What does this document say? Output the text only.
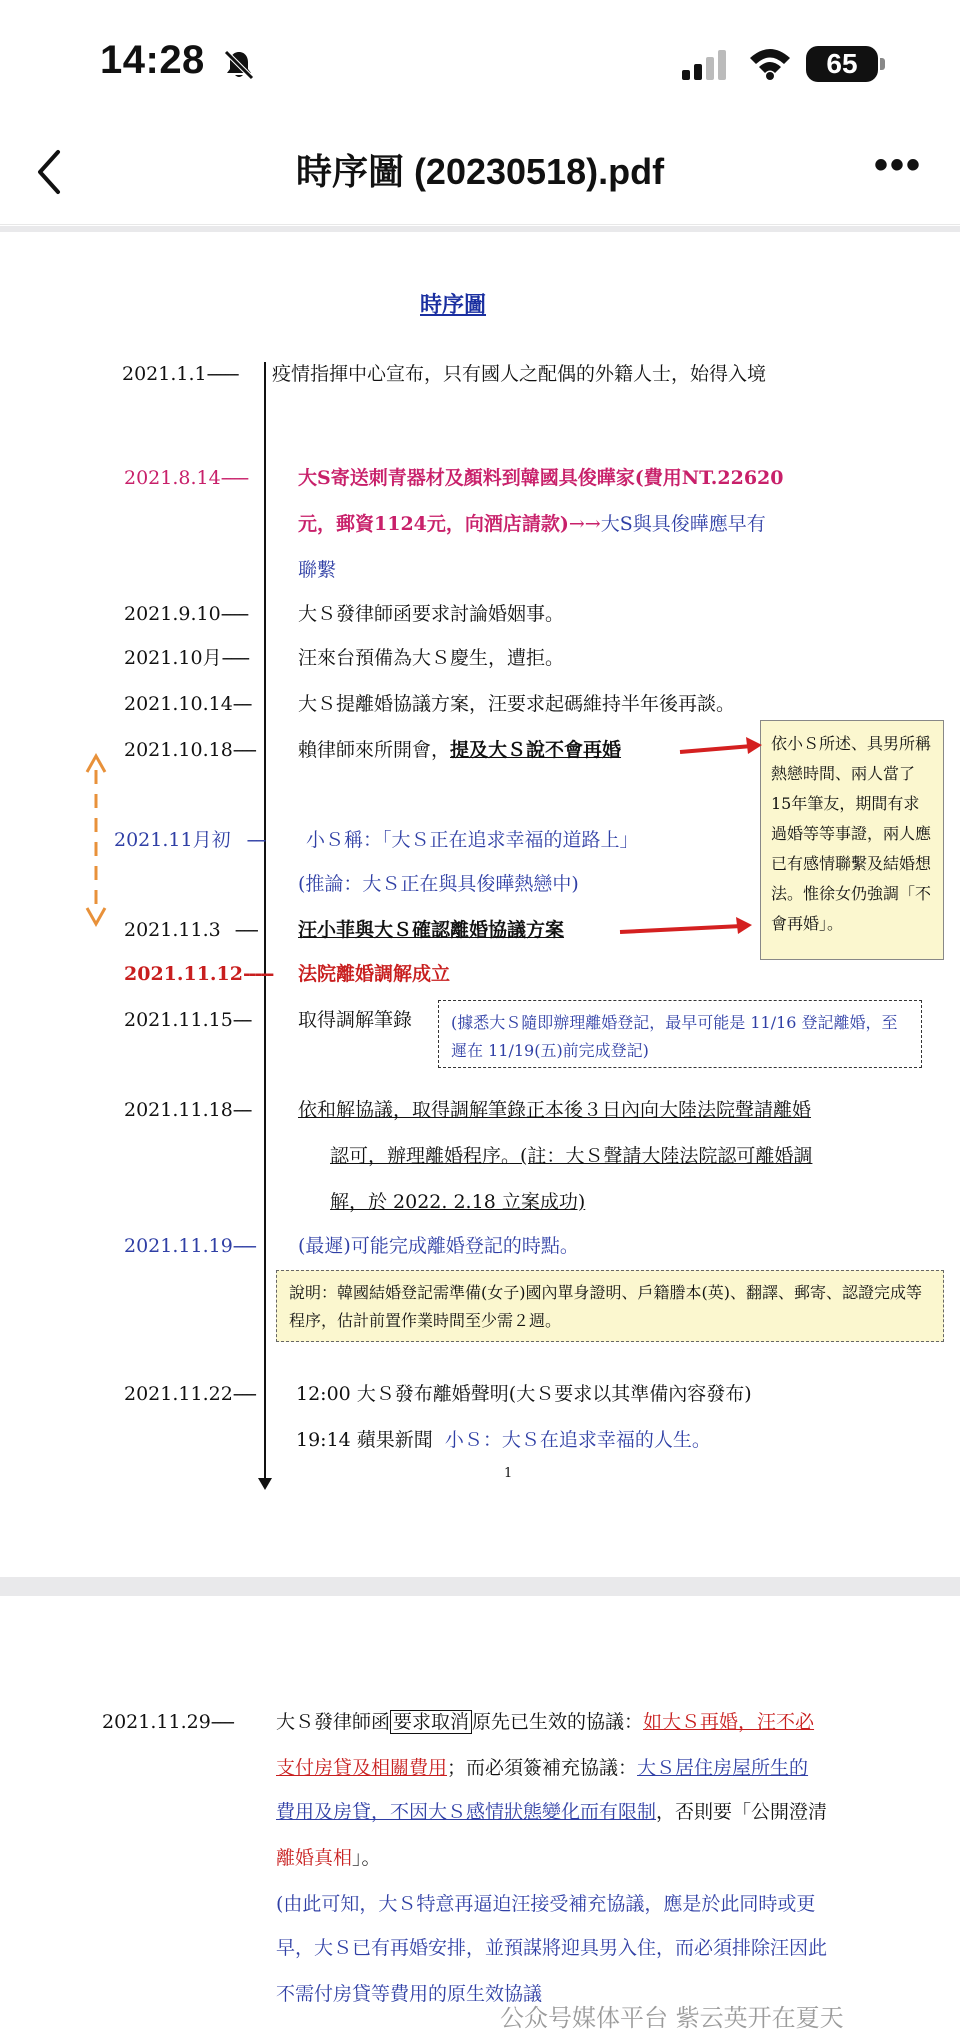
14:28	65
時序圖 (20230518).pdf	•••
時序圖
2021.1.1------- 疫情指揮中心宣布，只有國人之配偶的外籍人士，始得入境
2021.8.14------	大S寄送刺青器材及顏料到韓國具俊曄家(費用NT.22620
元，郵資1124元，向酒店請款)→→大S與具俊曄應早有
聯繫
2021.9.10------	大Ｓ發律師函要求討論婚姻事。
2021.10月------	汪來台預備為大Ｓ慶生，遭拒。
2021.10.14----	大Ｓ提離婚協議方案，汪要求起碼維持半年後再談。
2021.10.18----- 賴律師來所開會，提及大Ｓ說不會再婚
2021.11月初 ---- 小Ｓ稱：「大Ｓ正在追求幸福的道路上」
(推論：大Ｓ正在與具俊曄熱戀中)
2021.11.3 ----- 汪小菲與大Ｓ確認離婚協議方案
2021.11.12----- 法院離婚調解成立
2021.11.15----	取得調解筆錄
2021.11.18----	依和解協議，取得調解筆錄正本後３日內向大陸法院聲請離婚
認可，辦理離婚程序。(註：大Ｓ聲請大陸法院認可離婚調
解，於 2022. 2.18 立案成功)
2021.11.19----- (最遲)可能完成離婚登記的時點。
2021.11.22----- 12:00 大Ｓ發布離婚聲明(大Ｓ要求以其準備內容發布)
19:14 蘋果新聞 小Ｓ：大Ｓ在追求幸福的人生。
依小Ｓ所述、具男所稱熱戀時間、兩人當了15年筆友，期間有求過婚等等事證，兩人應已有感情聯繫及結婚想法。惟徐女仍強調「不會再婚」。
(據悉大Ｓ隨即辦理離婚登記，最早可能是 11/16 登記離婚，至遲在 11/19(五)前完成登記)
說明：韓國結婚登記需準備(女子)國內單身證明、戶籍謄本(英)、翻譯、郵寄、認證完成等程序，估計前置作業時間至少需２週。
1
2021.11.29----- 大Ｓ發律師函 要求取消 原先已生效的協議：如大Ｓ再婚，汪不必
支付房貸及相關費用；而必須簽補充協議：大Ｓ居住房屋所生的
費用及房貸，不因大Ｓ感情狀態變化而有限制，否則要「公開澄清
離婚真相」。
(由此可知，大Ｓ特意再逼迫汪接受補充協議，應是於此同時或更
早，大Ｓ已有再婚安排，並預謀將迎具男入住，而必須排除汪因此
不需付房貸等費用的原生效協議
公众号媒体平台 紫云英开在夏天
